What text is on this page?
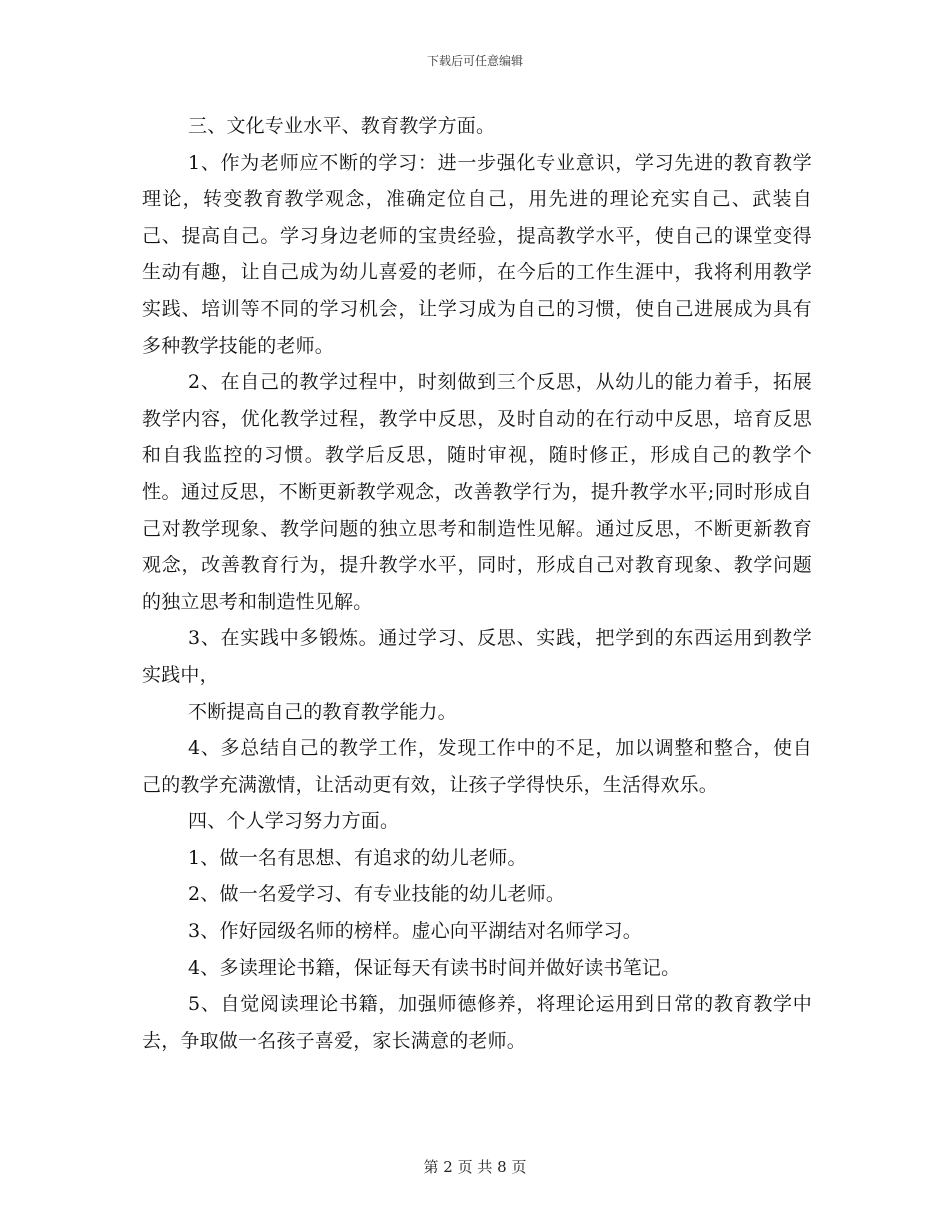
下载后可任意编辑

三、文化专业水平、教育教学方面。

1、作为老师应不断的学习：进一步强化专业意识，学习先进的教育教学理论，转变教育教学观念，准确定位自己，用先进的理论充实自己、武装自己、提高自己。学习身边老师的宝贵经验，提高教学水平，使自己的课堂变得生动有趣，让自己成为幼儿喜爱的老师，在今后的工作生涯中，我将利用教学实践、培训等不同的学习机会，让学习成为自己的习惯，使自己进展成为具有多种教学技能的老师。

2、在自己的教学过程中，时刻做到三个反思，从幼儿的能力着手，拓展教学内容，优化教学过程，教学中反思，及时自动的在行动中反思，培育反思和自我监控的习惯。教学后反思，随时审视，随时修正，形成自己的教学个性。通过反思，不断更新教学观念，改善教学行为，提升教学水平;同时形成自己对教学现象、教学问题的独立思考和制造性见解。通过反思，不断更新教育观念，改善教育行为，提升教学水平，同时，形成自己对教育现象、教学问题的独立思考和制造性见解。

3、在实践中多锻炼。通过学习、反思、实践，把学到的东西运用到教学实践中，

不断提高自己的教育教学能力。

4、多总结自己的教学工作，发现工作中的不足，加以调整和整合，使自己的教学充满激情，让活动更有效，让孩子学得快乐，生活得欢乐。

四、个人学习努力方面。

1、做一名有思想、有追求的幼儿老师。

2、做一名爱学习、有专业技能的幼儿老师。

3、作好园级名师的榜样。虚心向平湖结对名师学习。

4、多读理论书籍，保证每天有读书时间并做好读书笔记。

5、自觉阅读理论书籍，加强师德修养，将理论运用到日常的教育教学中去，争取做一名孩子喜爱，家长满意的老师。

第 2 页 共 8 页
